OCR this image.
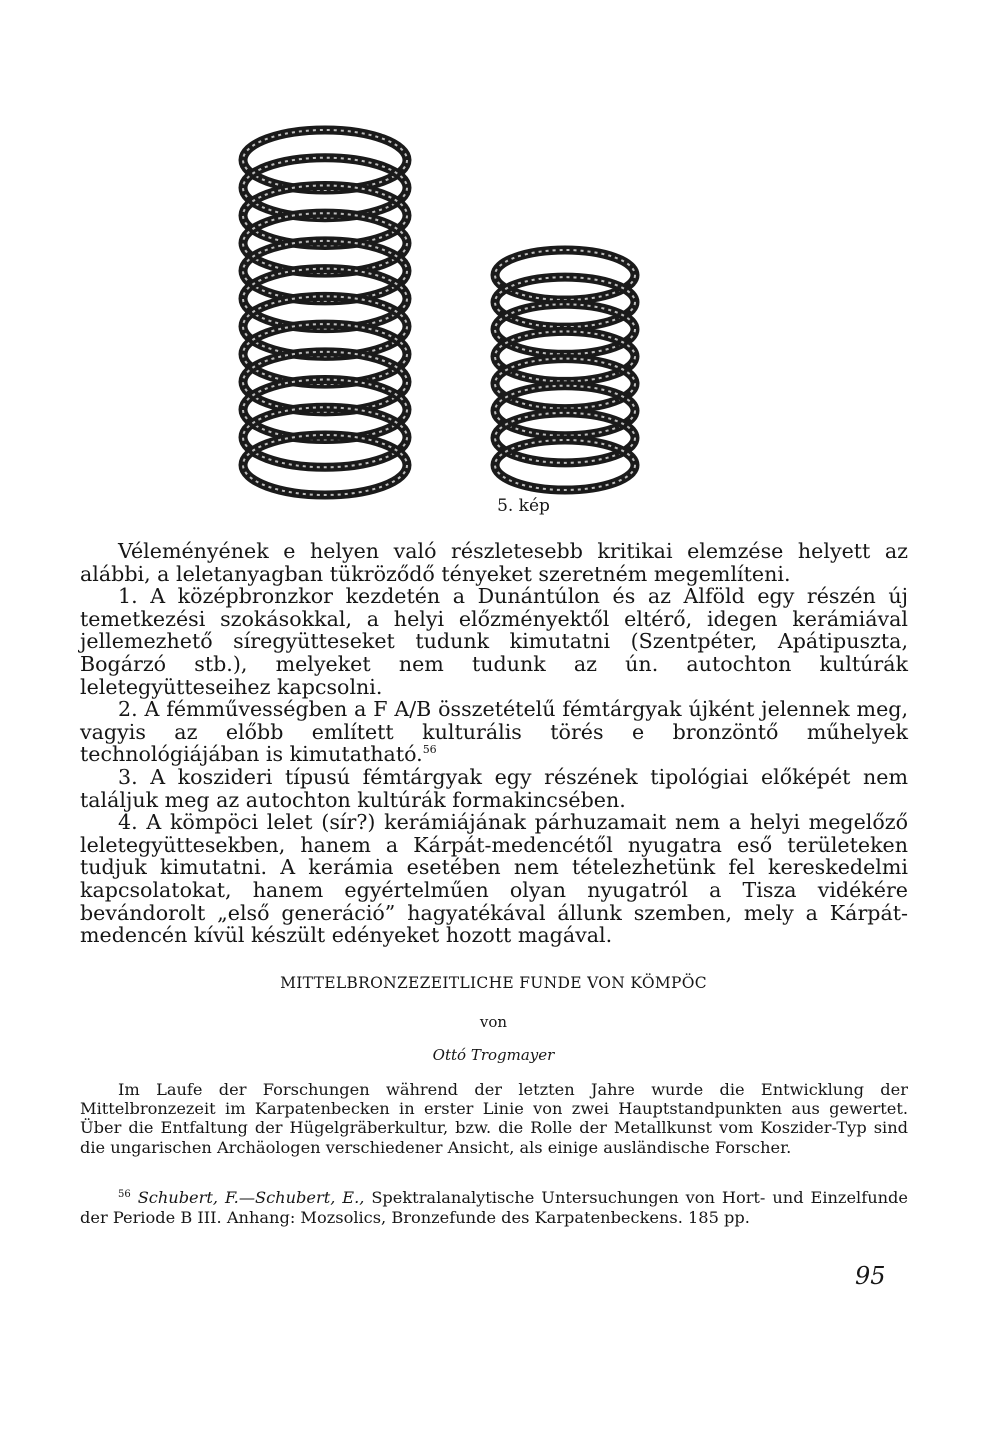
5. kép

Véleményének e helyen való részletesebb kritikai elemzése helyett az alábbi, a leletanyagban tükröződő tényeket szeretném megemlíteni.

1. A középbronzkor kezdetén a Dunántúlon és az Alföld egy részén új temetkezési szokásokkal, a helyi előzményektől eltérő, idegen kerámiával jellemezhető síregyütteseket tudunk kimutatni (Szentpéter, Apátipuszta, Bogárzó stb.), melyeket nem tudunk az ún. autochton kultúrák leletegyütteseihez kapcsolni.

2. A fémművességben a F A/B összetételű fémtárgyak újként jelennek meg, vagyis az előbb említett kulturális törés e bronzöntő műhelyek technológiájában is kimutatható.$^{56}$

3. A koszideri típusú fémtárgyak egy részének tipológiai előképét nem találjuk meg az autochton kultúrák formakincsében.

4. A kömpöci lelet (sír?) kerámiájának párhuzamait nem a helyi megelőző leletegyüttesekben, hanem a Kárpát-medencétől nyugatra eső területeken tudjuk kimutatni. A kerámia esetében nem tételezhetünk fel kereskedelmi kapcsolatokat, hanem egyértelműen olyan nyugatról a Tisza vidékére bevándorolt „első generáció” hagyatékával állunk szemben, mely a Kárpát-medencén kívül készült edényeket hozott magával.

MITTELBRONZEZEITLICHE FUNDE VON KÖMPÖC
von
Ottó Trogmayer

Im Laufe der Forschungen während der letzten Jahre wurde die Entwicklung der Mittelbronzezeit im Karpatenbecken in erster Linie von zwei Hauptstandpunkten aus gewertet. Über die Entfaltung der Hügelgräberkultur, bzw. die Rolle der Metallkunst vom Koszider-Typ sind die ungarischen Archäologen verschiedener Ansicht, als einige ausländische Forscher.

$^{56}$ Schubert, F.—Schubert, E., Spektralanalytische Untersuchungen von Hort- und Einzelfunde der Periode B III. Anhang: Mozsolics, Bronzefunde des Karpatenbeckens. 185 pp.

95
